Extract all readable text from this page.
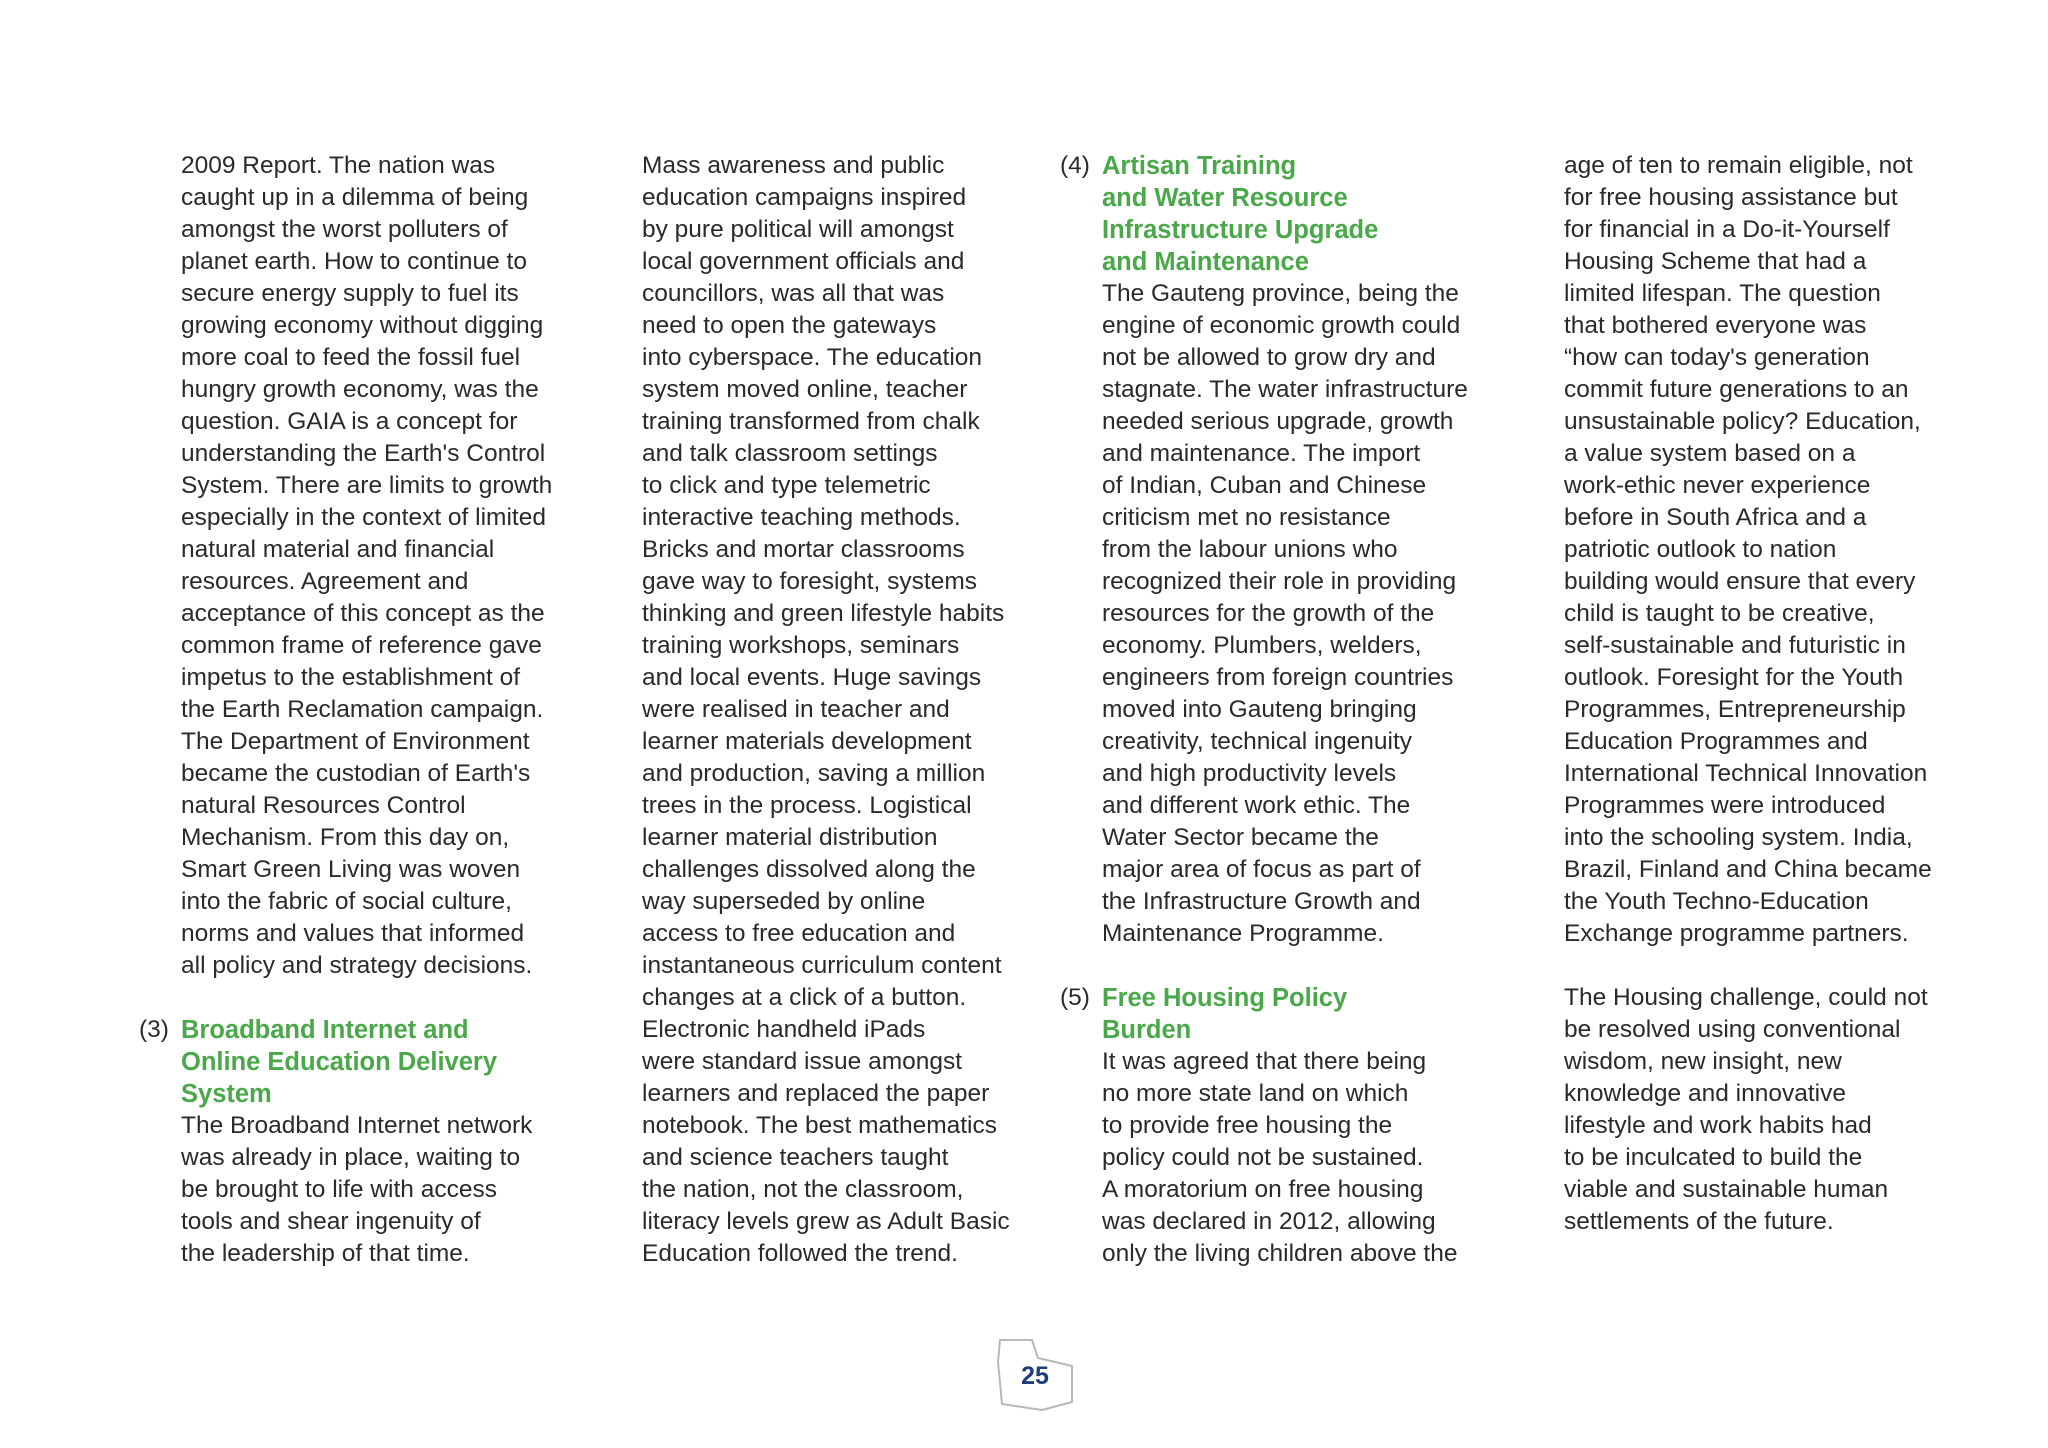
2009 Report. The nation was
caught up in a dilemma of being
amongst the worst polluters of
planet earth. How to continue to
secure energy supply to fuel its
growing economy without digging
more coal to feed the fossil fuel
hungry growth economy, was the
question. GAIA is a concept for
understanding the Earth's Control
System. There are limits to growth
especially in the context of limited
natural material and financial
resources. Agreement and
acceptance of this concept as the
common frame of reference gave
impetus to the establishment of
the Earth Reclamation campaign.
The Department of Environment
became the custodian of Earth's
natural Resources Control
Mechanism. From this day on,
Smart Green Living was woven
into the fabric of social culture,
norms and values that informed
all policy and strategy decisions.
(3) Broadband Internet and
Online Education Delivery
System
The Broadband Internet network
was already in place, waiting to
be brought to life with access
tools and shear ingenuity of
the leadership of that time.
Mass awareness and public
education campaigns inspired
by pure political will amongst
local government officials and
councillors, was all that was
need to open the gateways
into cyberspace. The education
system moved online, teacher
training transformed from chalk
and talk classroom settings
to click and type telemetric
interactive teaching methods.
Bricks and mortar classrooms
gave way to foresight, systems
thinking and green lifestyle habits
training workshops, seminars
and local events. Huge savings
were realised in teacher and
learner materials development
and production, saving a million
trees in the process. Logistical
learner material distribution
challenges dissolved along the
way superseded by online
access to free education and
instantaneous curriculum content
changes at a click of a button.
Electronic handheld iPads
were standard issue amongst
learners and replaced the paper
notebook. The best mathematics
and science teachers taught
the nation, not the classroom,
literacy levels grew as Adult Basic
Education followed the trend.
(4) Artisan Training
and Water Resource
Infrastructure Upgrade
and Maintenance
The Gauteng province, being the
engine of economic growth could
not be allowed to grow dry and
stagnate. The water infrastructure
needed serious upgrade, growth
and maintenance. The import
of Indian, Cuban and Chinese
criticism met no resistance
from the labour unions who
recognized their role in providing
resources for the growth of the
economy. Plumbers, welders,
engineers from foreign countries
moved into Gauteng bringing
creativity, technical ingenuity
and high productivity levels
and different work ethic. The
Water Sector became the
major area of focus as part of
the Infrastructure Growth and
Maintenance Programme.
(5) Free Housing Policy
Burden
It was agreed that there being
no more state land on which
to provide free housing the
policy could not be sustained.
A moratorium on free housing
was declared in 2012, allowing
only the living children above the
age of ten to remain eligible, not
for free housing assistance but
for financial in a Do-it-Yourself
Housing Scheme that had a
limited lifespan. The question
that bothered everyone was
“how can today's generation
commit future generations to an
unsustainable policy? Education,
a value system based on a
work-ethic never experience
before in South Africa and a
patriotic outlook to nation
building would ensure that every
child is taught to be creative,
self-sustainable and futuristic in
outlook. Foresight for the Youth
Programmes, Entrepreneurship
Education Programmes and
International Technical Innovation
Programmes were introduced
into the schooling system. India,
Brazil, Finland and China became
the Youth Techno-Education
Exchange programme partners.
The Housing challenge, could not
be resolved using conventional
wisdom, new insight, new
knowledge and innovative
lifestyle and work habits had
to be inculcated to build the
viable and sustainable human
settlements of the future.
25
